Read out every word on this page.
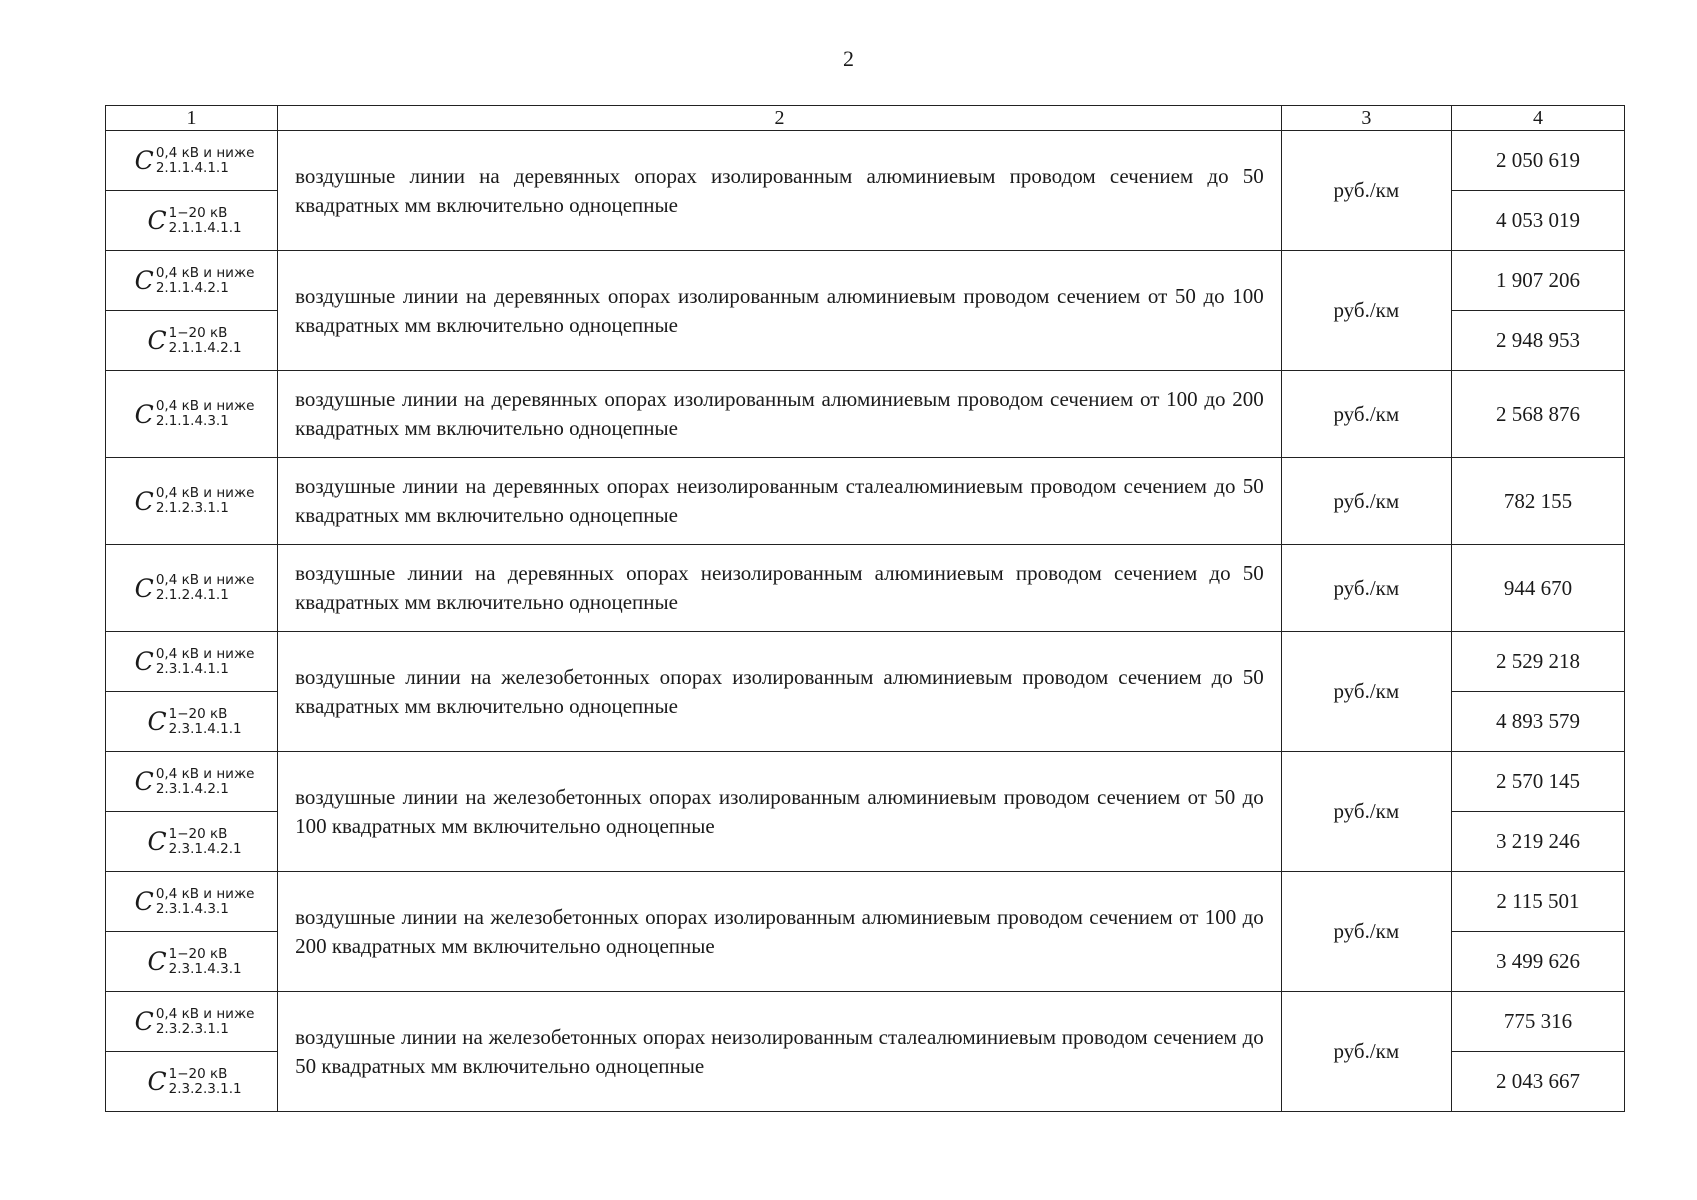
2
1	2	3	4

C 0,4 кВ и ниже
2.1.1.4.1.1	воздушные линии на деревянных опорах изолированным алюминиевым проводом сечением до 50 квадратных мм включительно одноцепные	руб./км	2 050 619

C 1−20 кВ
2.1.1.4.1.1			4 053 019

C 0,4 кВ и ниже
2.1.1.4.2.1	воздушные линии на деревянных опорах изолированным алюминиевым проводом сечением от 50 до 100 квадратных мм включительно одноцепные	руб./км	1 907 206

C 1−20 кВ
2.1.1.4.2.1			2 948 953

C 0,4 кВ и ниже
2.1.1.4.3.1	воздушные линии на деревянных опорах изолированным алюминиевым проводом сечением от 100 до 200 квадратных мм включительно одноцепные	руб./км	2 568 876

C 0,4 кВ и ниже
2.1.2.3.1.1	воздушные линии на деревянных опорах неизолированным сталеалюминиевым проводом сечением до 50 квадратных мм включительно одноцепные	руб./км	782 155

C 0,4 кВ и ниже
2.1.2.4.1.1	воздушные линии на деревянных опорах неизолированным алюминиевым проводом сечением до 50 квадратных мм включительно одноцепные	руб./км	944 670

C 0,4 кВ и ниже
2.3.1.4.1.1	воздушные линии на железобетонных опорах изолированным алюминиевым проводом сечением до 50 квадратных мм включительно одноцепные	руб./км	2 529 218

C 1−20 кВ
2.3.1.4.1.1			4 893 579

C 0,4 кВ и ниже
2.3.1.4.2.1	воздушные линии на железобетонных опорах изолированным алюминиевым проводом сечением от 50 до 100 квадратных мм включительно одноцепные	руб./км	2 570 145

C 1−20 кВ
2.3.1.4.2.1			3 219 246

C 0,4 кВ и ниже
2.3.1.4.3.1	воздушные линии на железобетонных опорах изолированным алюминиевым проводом сечением от 100 до 200 квадратных мм включительно одноцепные	руб./км	2 115 501

C 1−20 кВ
2.3.1.4.3.1			3 499 626

C 0,4 кВ и ниже
2.3.2.3.1.1	воздушные линии на железобетонных опорах неизолированным сталеалюминиевым проводом сечением до 50 квадратных мм включительно одноцепные	руб./км	775 316

C 1−20 кВ
2.3.2.3.1.1			2 043 667
